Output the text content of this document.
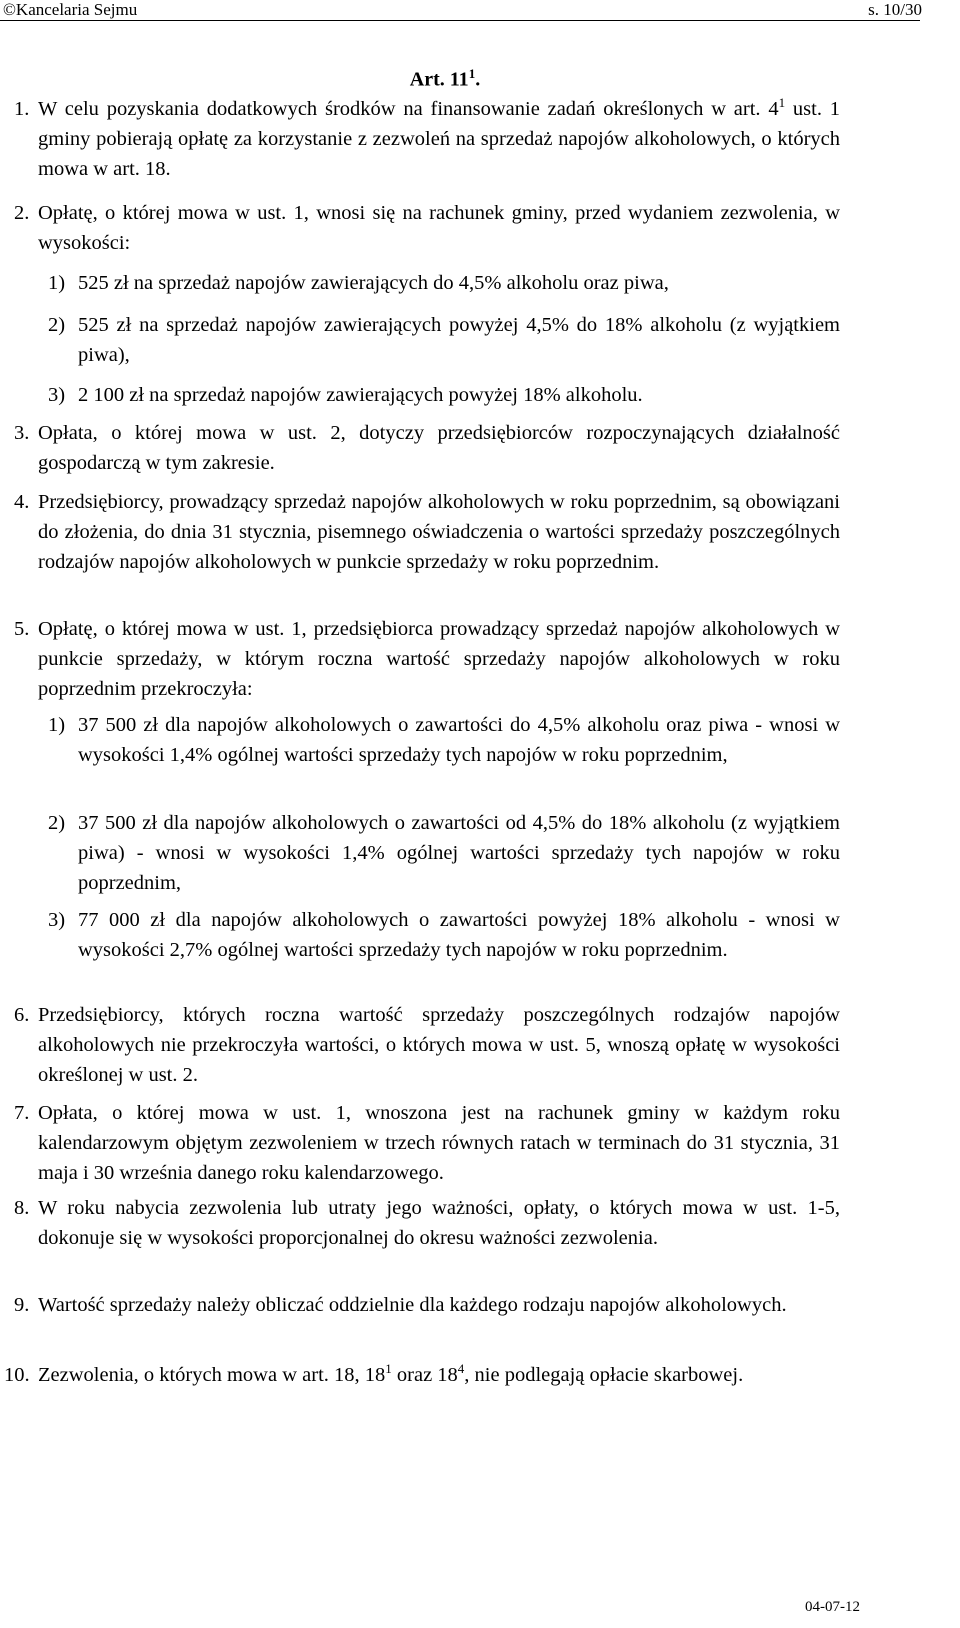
©Kancelaria Sejmu	s. 10/30
Art. $11^1$.
1. W celu pozyskania dodatkowych środków na finansowanie zadań określonych w art. $4^1$ ust. 1 gminy pobierają opłatę za korzystanie z zezwoleń na sprzedaż napojów alkoholowych, o których mowa w art. 18.
2. Opłatę, o której mowa w ust. 1, wnosi się na rachunek gminy, przed wydaniem zezwolenia, w wysokości:
1) 525 zł na sprzedaż napojów zawierających do 4,5% alkoholu oraz piwa,
2) 525 zł na sprzedaż napojów zawierających powyżej 4,5% do 18% alkoholu (z wyjątkiem piwa),
3) 2 100 zł na sprzedaż napojów zawierających powyżej 18% alkoholu.
3. Opłata, o której mowa w ust. 2, dotyczy przedsiębiorców rozpoczynających działalność gospodarczą w tym zakresie.
4. Przedsiębiorcy, prowadzący sprzedaż napojów alkoholowych w roku poprzednim, są obowiązani do złożenia, do dnia 31 stycznia, pisemnego oświadczenia o wartości sprzedaży poszczególnych rodzajów napojów alkoholowych w punkcie sprzedaży w roku poprzednim.
5. Opłatę, o której mowa w ust. 1, przedsiębiorca prowadzący sprzedaż napojów alkoholowych w punkcie sprzedaży, w którym roczna wartość sprzedaży napojów alkoholowych w roku poprzednim przekroczyła:
1) 37 500 zł dla napojów alkoholowych o zawartości do 4,5% alkoholu oraz piwa - wnosi w wysokości 1,4% ogólnej wartości sprzedaży tych napojów w roku poprzednim,
2) 37 500 zł dla napojów alkoholowych o zawartości od 4,5% do 18% alkoholu (z wyjątkiem piwa) - wnosi w wysokości 1,4% ogólnej wartości sprzedaży tych napojów w roku poprzednim,
3) 77 000 zł dla napojów alkoholowych o zawartości powyżej 18% alkoholu - wnosi w wysokości 2,7% ogólnej wartości sprzedaży tych napojów w roku poprzednim.
6. Przedsiębiorcy, których roczna wartość sprzedaży poszczególnych rodzajów napojów alkoholowych nie przekroczyła wartości, o których mowa w ust. 5, wnoszą opłatę w wysokości określonej w ust. 2.
7. Opłata, o której mowa w ust. 1, wnoszona jest na rachunek gminy w każdym roku kalendarzowym objętym zezwoleniem w trzech równych ratach w terminach do 31 stycznia, 31 maja i 30 września danego roku kalendarzowego.
8. W roku nabycia zezwolenia lub utraty jego ważności, opłaty, o których mowa w ust. 1-5, dokonuje się w wysokości proporcjonalnej do okresu ważności zezwolenia.
9. Wartość sprzedaży należy obliczać oddzielnie dla każdego rodzaju napojów alkoholowych.
10. Zezwolenia, o których mowa w art. 18, $18^1$ oraz $18^4$, nie podlegają opłacie skarbowej.
04-07-12
